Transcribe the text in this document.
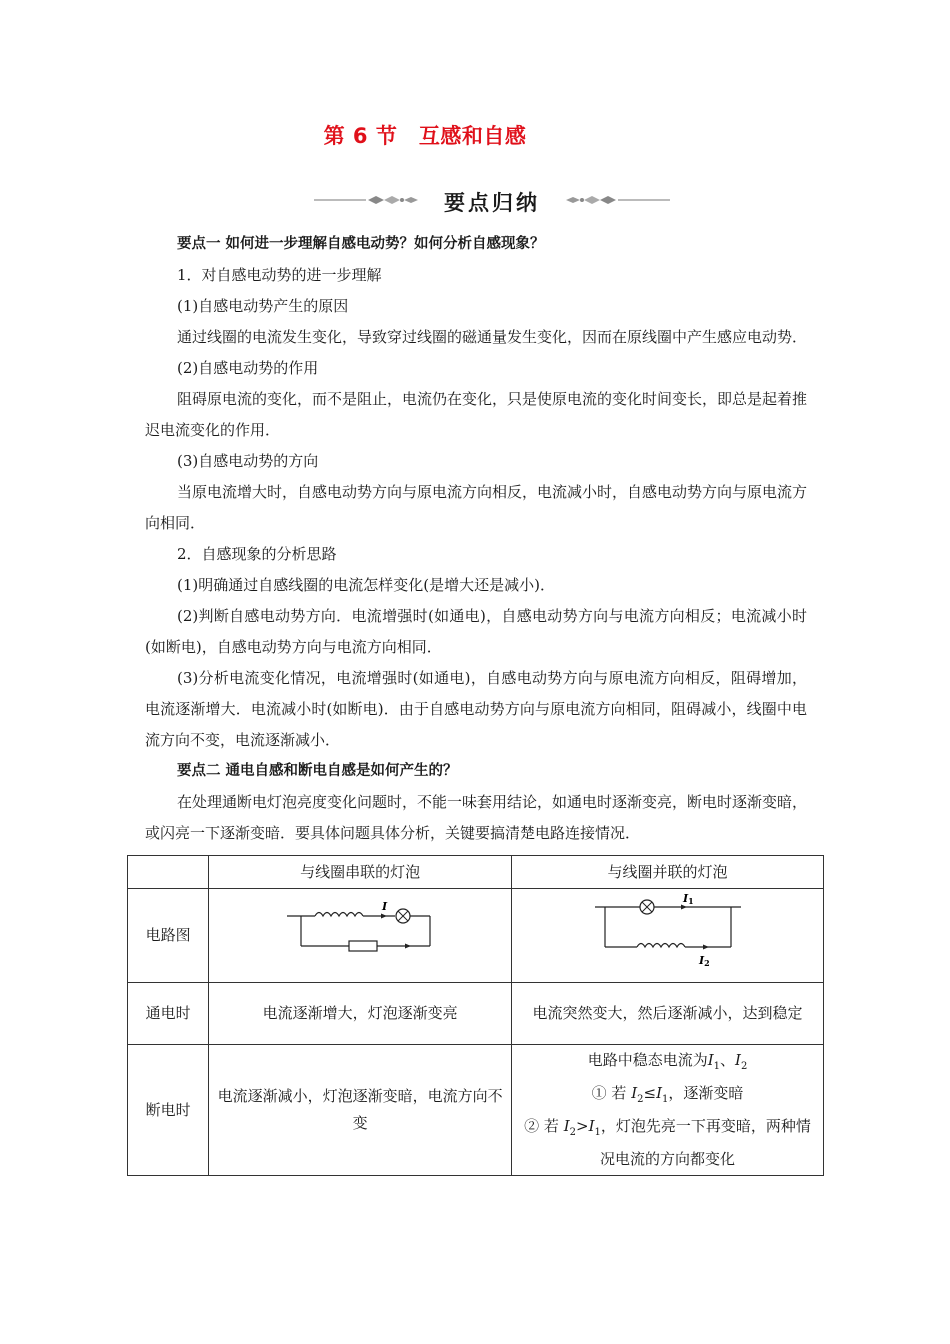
第 6 节　互感和自感
要点归纳

要点一 如何进一步理解自感电动势？如何分析自感现象？

1．对自感电动势的进一步理解

(1)自感电动势产生的原因

通过线圈的电流发生变化，导致穿过线圈的磁通量发生变化，因而在原线圈中产生感应电动势．

(2)自感电动势的作用

阻碍原电流的变化，而不是阻止，电流仍在变化，只是使原电流的变化时间变长，即总是起着推迟电流变化的作用．

(3)自感电动势的方向

当原电流增大时，自感电动势方向与原电流方向相反，电流减小时，自感电动势方向与原电流方向相同．

2．自感现象的分析思路

(1)明确通过自感线圈的电流怎样变化(是增大还是减小)．

(2)判断自感电动势方向．电流增强时(如通电)，自感电动势方向与电流方向相反；电流减小时(如断电)，自感电动势方向与电流方向相同．

(3)分析电流变化情况，电流增强时(如通电)，自感电动势方向与原电流方向相反，阻碍增加，电流逐渐增大．电流减小时(如断电)．由于自感电动势方向与原电流方向相同，阻碍减小，线圈中电流方向不变，电流逐渐减小．

要点二 通电自感和断电自感是如何产生的？

在处理通断电灯泡亮度变化问题时，不能一味套用结论，如通电时逐渐变亮，断电时逐渐变暗，或闪亮一下逐渐变暗．要具体问题具体分析，关键要搞清楚电路连接情况．

	与线圈串联的灯泡	与线圈并联的灯泡
电路图	I	I1
I2

通电时	电流逐渐增大，灯泡逐渐变亮	电流突然变大，然后逐渐减小，达到稳定
断电时	电流逐渐减小，灯泡逐渐变暗，电流方向不变	电路中稳态电流为$I_1$、$I_2$
① 若 $I_2\le I_1$，逐渐变暗
② 若 $I_2>I_1$，灯泡先亮一下再变暗，两种情况电流的方向都变化
